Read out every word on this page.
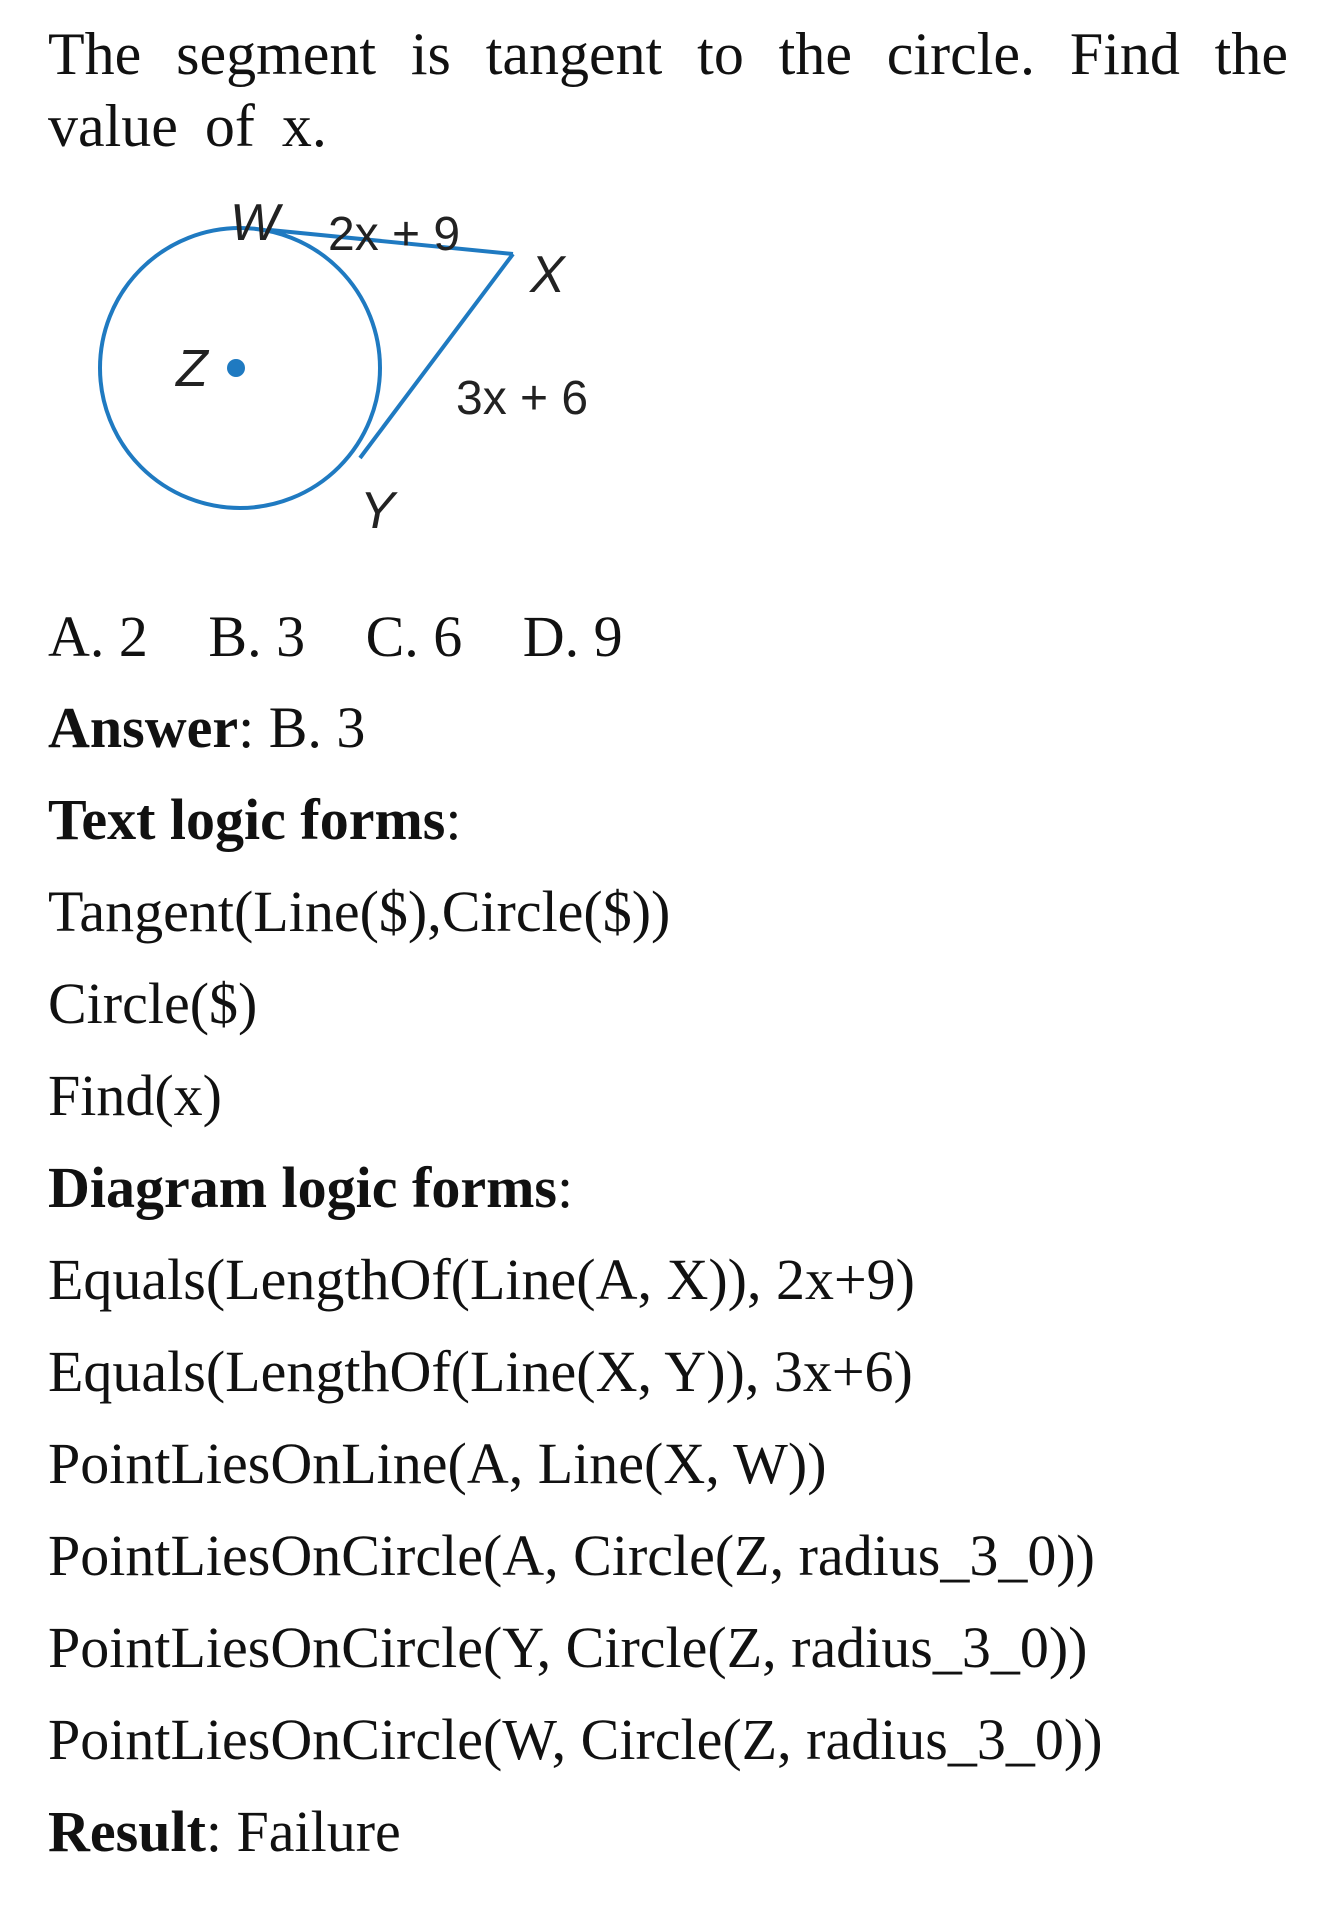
The segment is tangent to the circle. Find the value of x.
W
X
Y
Z
2x + 9
3x + 6
A. 2 B. 3 C. 6 D. 9
Answer: B. 3
Text logic forms:
Tangent(Line($),Circle($))
Circle($)
Find(x)
Diagram logic forms:
Equals(LengthOf(Line(A, X)), 2x+9)
Equals(LengthOf(Line(X, Y)), 3x+6)
PointLiesOnLine(A, Line(X, W))
PointLiesOnCircle(A, Circle(Z, radius_3_0))
PointLiesOnCircle(Y, Circle(Z, radius_3_0))
PointLiesOnCircle(W, Circle(Z, radius_3_0))
Result: Failure
